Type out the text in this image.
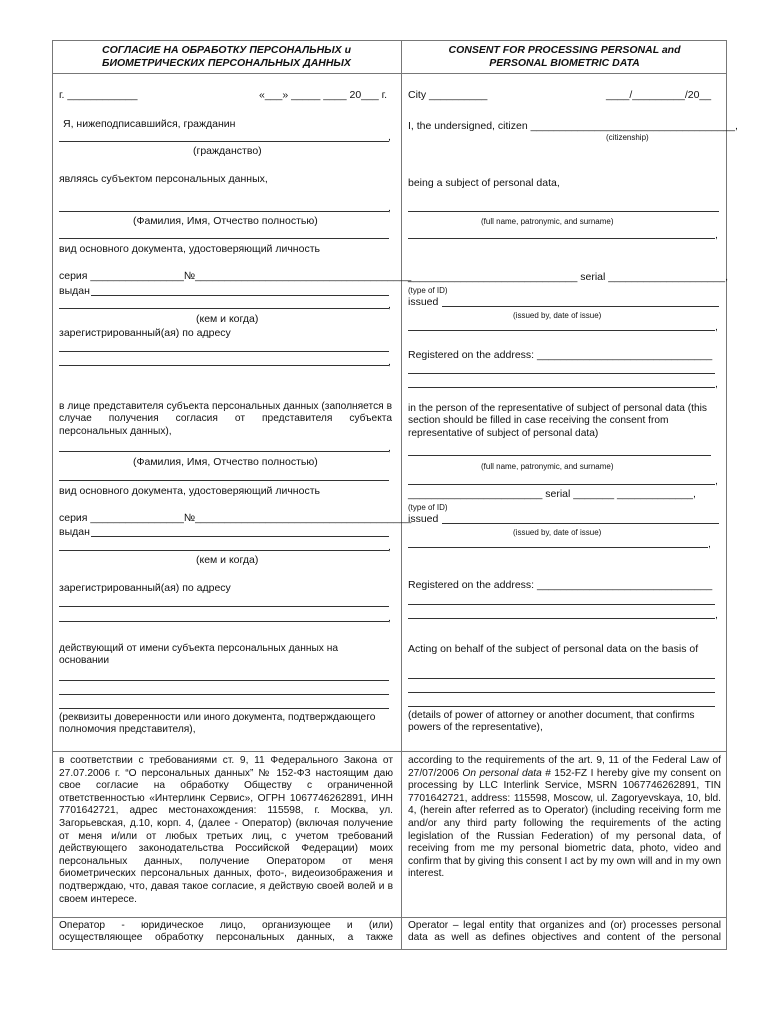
СОГЛАСИЕ НА ОБРАБОТКУ ПЕРСОНАЛЬНЫХ и
БИОМЕТРИЧЕСКИХ ПЕРСОНАЛЬНЫХ ДАННЫХ
CONSENT FOR PROCESSING PERSONAL and
PERSONAL BIOMETRIC DATA
г. ____________	«___» _____ ____ 20___ г.
Я, нижеподписавшийся, гражданин
,
(гражданство)
являясь субъектом персональных данных,
,
(Фамилия, Имя, Отчество полностью)
вид основного документа, удостоверяющий личность
серия ________________№_____________________________________
выдан
,
(кем и когда)
зарегистрированный(ая) по адресу
,
в лице представителя субъекта персональных данных (заполняется в случае получения согласия от представителя субъекта персональных данных),
,
(Фамилия, Имя, Отчество полностью)
вид основного документа, удостоверяющий личность
серия ________________№_____________________________________
выдан
,
(кем и когда)
зарегистрированный(ая) по адресу
,
действующий от имени субъекта персональных данных на основании
(реквизиты доверенности или иного документа, подтверждающего полномочия представителя),
в соответствии с требованиями ст. 9, 11 Федерального Закона от 27.07.2006 г. “О персональных данных” № 152-ФЗ настоящим даю свое согласие на обработку Обществу с ограниченной ответственностью «Интерлинк Сервис», ОГРН 1067746262891, ИНН 7701642721, адрес местонахождения: 115598, г. Москва, ул. Загорьевская, д.10, корп. 4, (далее - Оператор) (включая получение от меня и/или от любых третьих лиц, с учетом требований действующего законодательства Российской Федерации) моих персональных данных, получение Оператором от меня биометрических персональных данных, фото-, видеоизображения и подтверждаю, что, давая такое согласие, я действую своей волей и в своем интересе.
Оператор - юридическое лицо, организующее и (или) осуществляющее обработку персональных данных, а также
City __________	____/_________/20__
I, the undersigned, citizen ___________________________________,
(citizenship)
being a subject of personal data,
(full name, patronymic, and surname)
,
_____________________________ serial ____________________,
(type of ID)
issued
(issued by, date of issue)
,
Registered on the address: ______________________________
,
in the person of the representative of subject of personal data (this section should be filled in case receiving the consent from representative of subject of personal data)
(full name, patronymic, and surname)
,
_______________________ serial _______ _____________,
(type of ID)
issued
(issued by, date of issue)
,
Registered on the address: ______________________________
,
Acting on behalf of the subject of personal data on the basis of
(details of power of attorney or another document, that confirms powers of the representative),
according to the requirements of the art. 9, 11 of the Federal Law of 27/07/2006 On personal data # 152-FZ I hereby give my consent on processing by LLC Interlink Service, MSRN 1067746262891, TIN 7701642721, address: 115598, Moscow, ul. Zagoryevskaya, 10, bld. 4, (herein after referred as to Operator) (including receiving form me and/or any third party following the requirements of the acting legislation of the Russian Federation) of my personal data, of receiving from me my personal biometric data, photo, video and confirm that by giving this consent I act by my own will and in my own interest.
Operator – legal entity that organizes and (or) processes personal data as well as defines objectives and content of the personal
